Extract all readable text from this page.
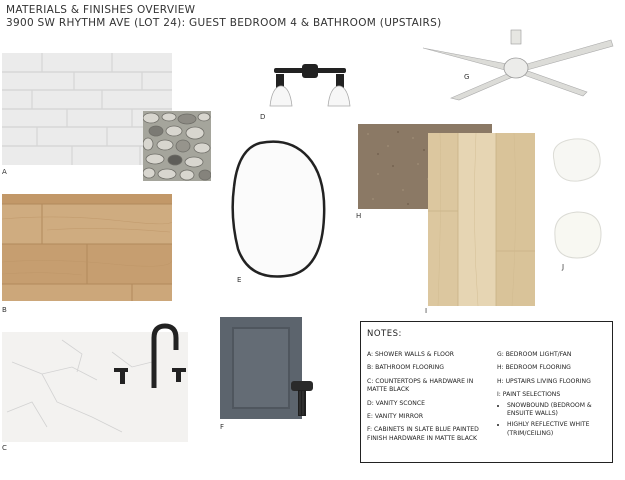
MATERIALS & FINISHES OVERVIEW
3900 SW RHYTHM AVE (LOT 24): GUEST BEDROOM 4 & BATHROOM (UPSTAIRS)
A
B
C
D
E
F
G
H
I
J
NOTES:
A: SHOWER WALLS & FLOOR
B: BATHROOM FLOORING
C: COUNTERTOPS & HARDWARE IN MATTE BLACK
D: VANITY SCONCE
E: VANITY MIRROR
F: CABINETS IN SLATE BLUE PAINTED FINISH HARDWARE IN MATTE BLACK
G: BEDROOM LIGHT/FAN
H: BEDROOM FLOORING
H: UPSTAIRS LIVING FLOORING
I: PAINT SELECTIONS
• SNOWBOUND (BEDROOM & ENSUITE WALLS)
• HIGHLY REFLECTIVE WHITE (TRIM/CEILING)
